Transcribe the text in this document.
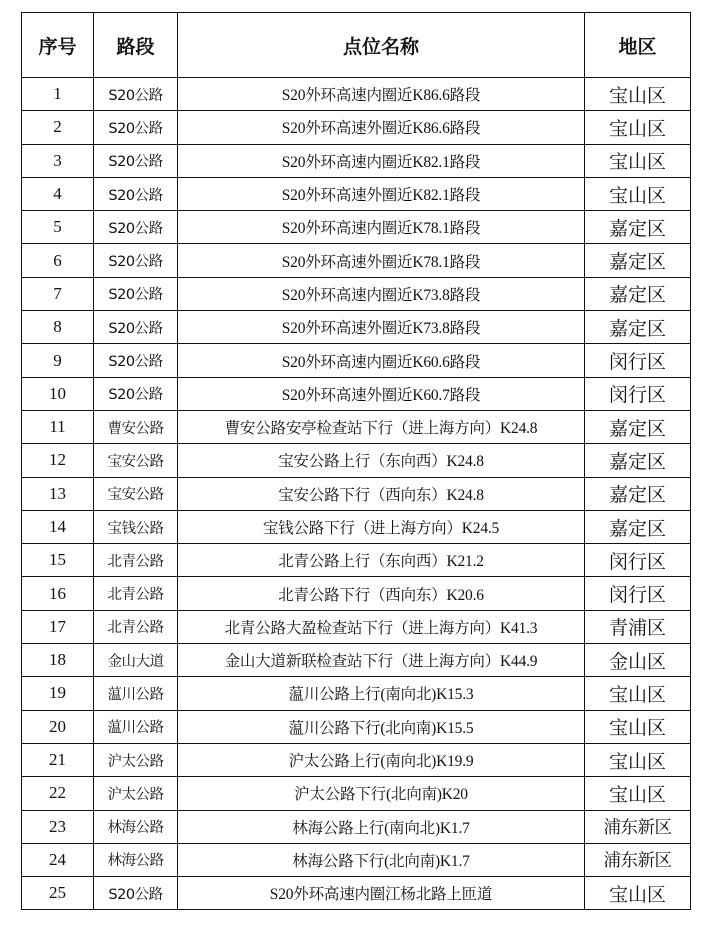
序号	路段	点位名称	地区
1	S20公路	S20外环高速内圈近K86.6路段	宝山区
2	S20公路	S20外环高速外圈近K86.6路段	宝山区
3	S20公路	S20外环高速内圈近K82.1路段	宝山区
4	S20公路	S20外环高速外圈近K82.1路段	宝山区
5	S20公路	S20外环高速内圈近K78.1路段	嘉定区
6	S20公路	S20外环高速外圈近K78.1路段	嘉定区
7	S20公路	S20外环高速内圈近K73.8路段	嘉定区
8	S20公路	S20外环高速外圈近K73.8路段	嘉定区
9	S20公路	S20外环高速内圈近K60.6路段	闵行区
10	S20公路	S20外环高速外圈近K60.7路段	闵行区
11	曹安公路	曹安公路安亭检查站下行（进上海方向）K24.8	嘉定区
12	宝安公路	宝安公路上行（东向西）K24.8	嘉定区
13	宝安公路	宝安公路下行（西向东）K24.8	嘉定区
14	宝钱公路	宝钱公路下行（进上海方向）K24.5	嘉定区
15	北青公路	北青公路上行（东向西）K21.2	闵行区
16	北青公路	北青公路下行（西向东）K20.6	闵行区
17	北青公路	北青公路大盈检查站下行（进上海方向）K41.3	青浦区
18	金山大道	金山大道新联检查站下行（进上海方向）K44.9	金山区
19	蕰川公路	蕰川公路上行(南向北)K15.3	宝山区
20	蕰川公路	蕰川公路下行(北向南)K15.5	宝山区
21	沪太公路	沪太公路上行(南向北)K19.9	宝山区
22	沪太公路	沪太公路下行(北向南)K20	宝山区
23	林海公路	林海公路上行(南向北)K1.7	浦东新区
24	林海公路	林海公路下行(北向南)K1.7	浦东新区
25	S20公路	S20外环高速内圈江杨北路上匝道	宝山区
